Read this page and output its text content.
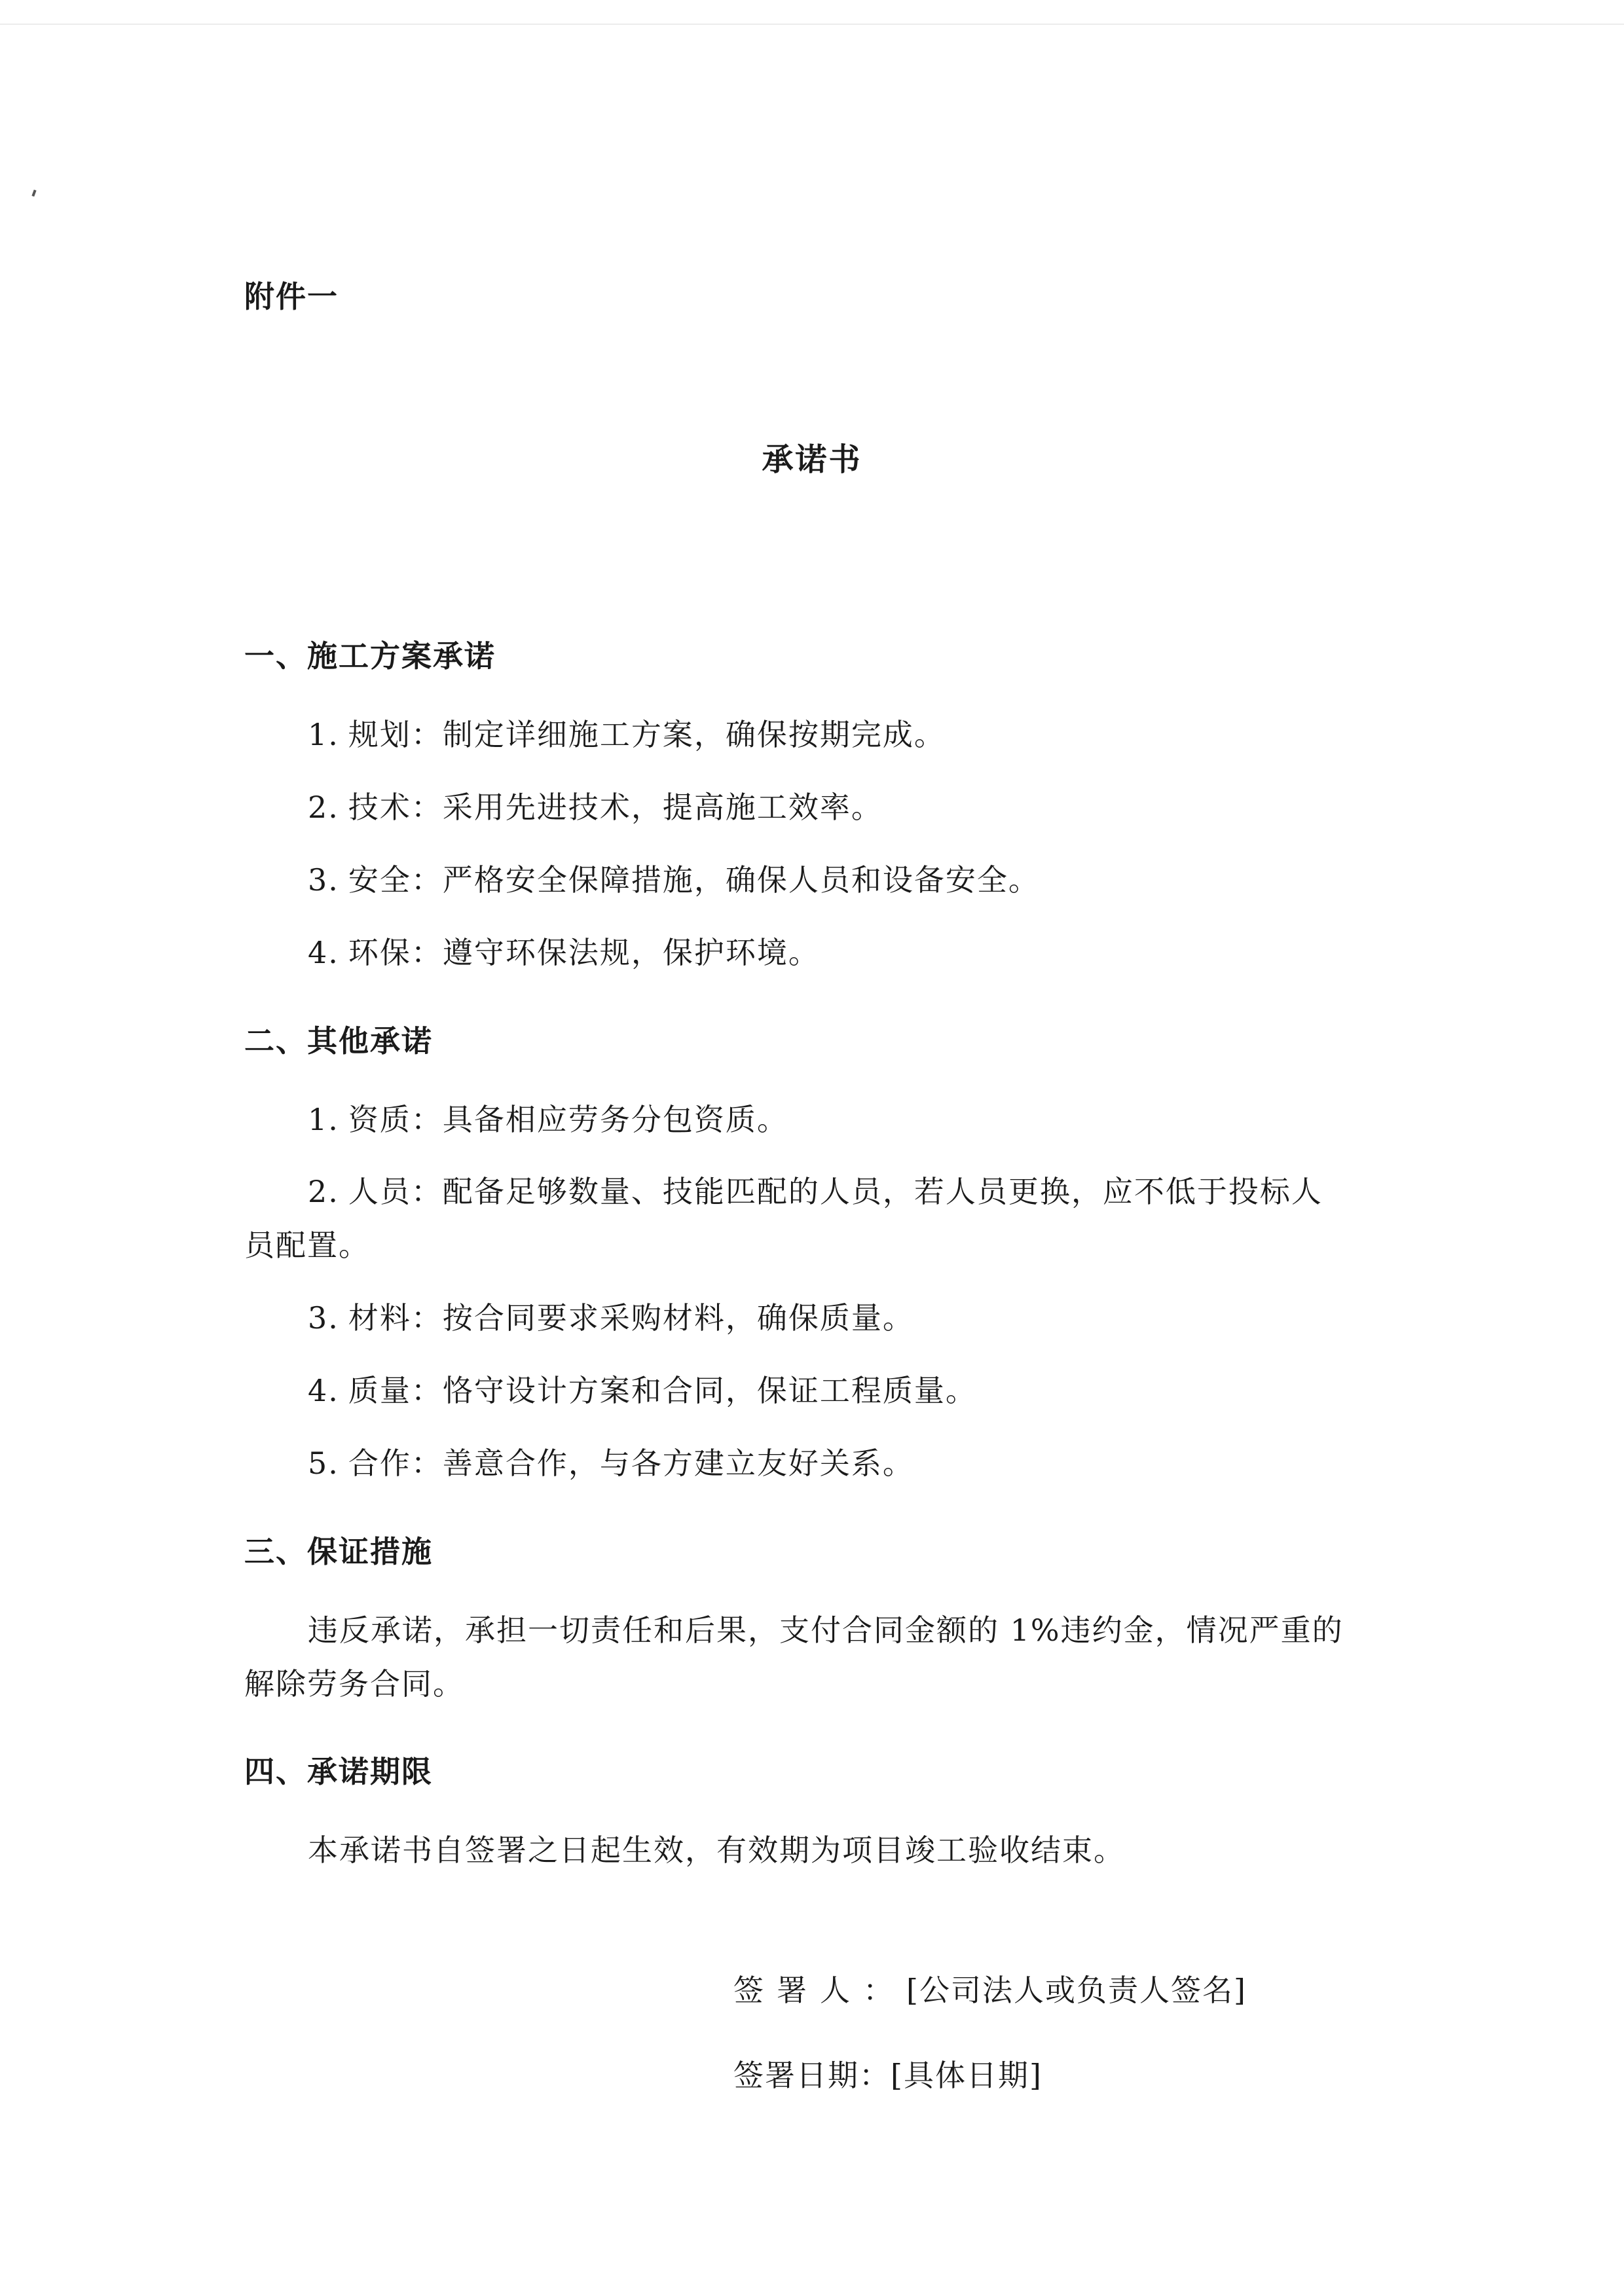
附件一
承诺书
一、施工方案承诺
1. 规划：制定详细施工方案，确保按期完成。
2. 技术：采用先进技术，提高施工效率。
3. 安全：严格安全保障措施，确保人员和设备安全。
4. 环保：遵守环保法规，保护环境。
二、其他承诺
1. 资质：具备相应劳务分包资质。
2. 人员：配备足够数量、技能匹配的人员，若人员更换，应不低于投标人
员配置。
3. 材料：按合同要求采购材料，确保质量。
4. 质量：恪守设计方案和合同，保证工程质量。
5. 合作：善意合作，与各方建立友好关系。
三、保证措施
违反承诺，承担一切责任和后果，支付合同金额的 1%违约金，情况严重的
解除劳务合同。
四、承诺期限
本承诺书自签署之日起生效，有效期为项目竣工验收结束。
签署人：[公司法人或负责人签名]
签署日期：[具体日期]
